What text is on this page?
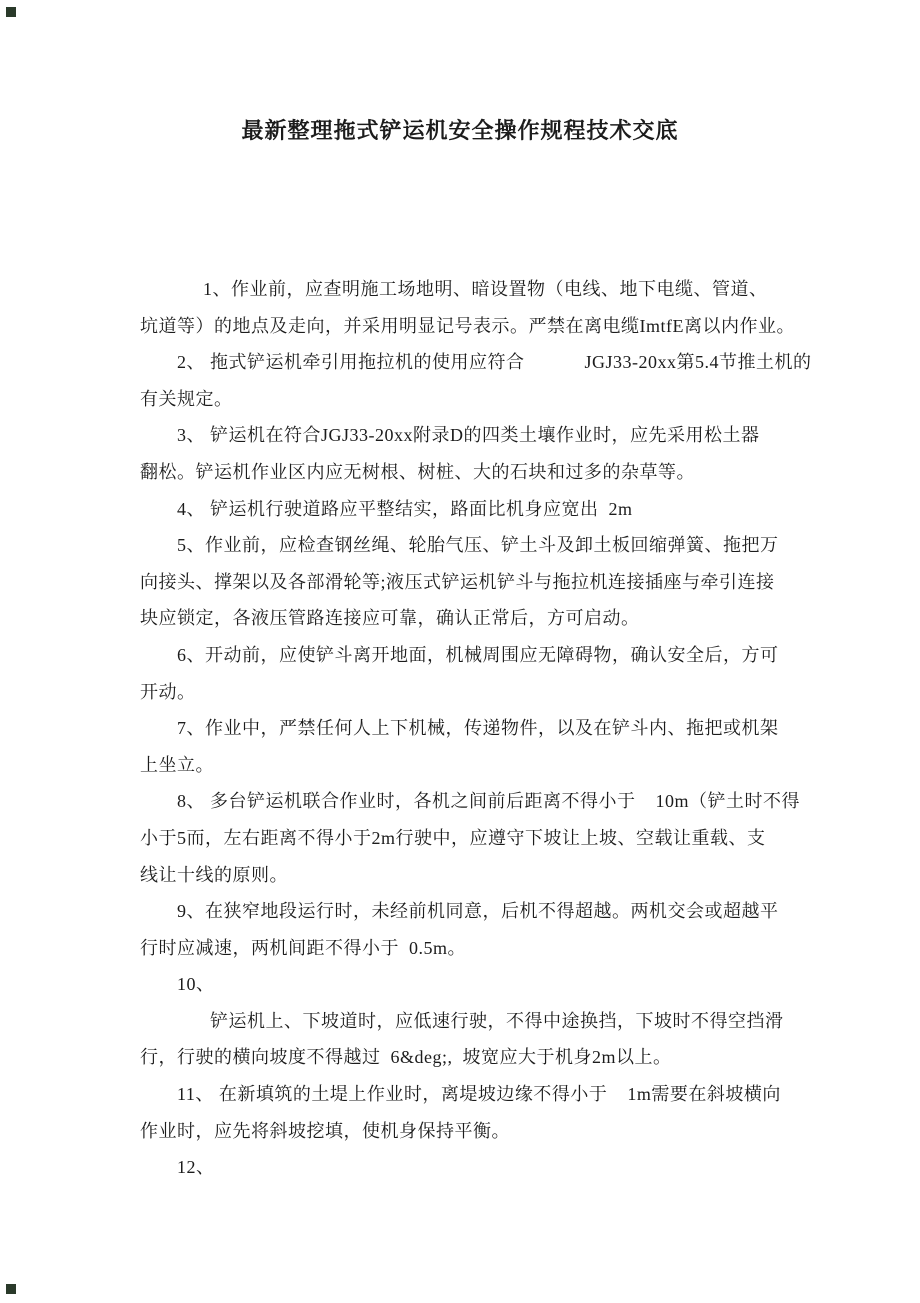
最新整理拖式铲运机安全操作规程技术交底
1、作业前，应查明施工场地明、暗设置物（电线、地下电缆、管道、
坑道等）的地点及走向，并采用明显记号表示。严禁在离电缆ImtfE离以内作业。
2、 拖式铲运机牵引用拖拉机的使用应符合            JGJ33-20xx第5.4节推土机的
有关规定。
3、 铲运机在符合JGJ33-20xx附录D的四类土壤作业时，应先采用松土器
翻松。铲运机作业区内应无树根、树桩、大的石块和过多的杂草等。
4、 铲运机行驶道路应平整结实，路面比机身应宽出  2m
5、作业前，应检查钢丝绳、轮胎气压、铲土斗及卸土板回缩弹簧、拖把万
向接头、撑架以及各部滑轮等;液压式铲运机铲斗与拖拉机连接插座与牵引连接
块应锁定，各液压管路连接应可靠，确认正常后，方可启动。
6、开动前，应使铲斗离开地面，机械周围应无障碍物，确认安全后，方可
开动。
7、作业中，严禁任何人上下机械，传递物件，以及在铲斗内、拖把或机架
上坐立。
8、 多台铲运机联合作业时，各机之间前后距离不得小于    10m（铲土时不得
小于5而，左右距离不得小于2m行驶中，应遵守下坡让上坡、空载让重载、支
线让十线的原则。
9、在狭窄地段运行时，未经前机同意，后机不得超越。两机交会或超越平
行时应减速，两机间距不得小于  0.5m。
10、
铲运机上、下坡道时，应低速行驶，不得中途换挡，下坡时不得空挡滑
行，行驶的横向坡度不得越过  6&deg;,  坡宽应大于机身2m以上。
11、 在新填筑的土堤上作业时，离堤坡边缘不得小于    1m需要在斜坡横向
作业时，应先将斜坡挖填，使机身保持平衡。
12、
